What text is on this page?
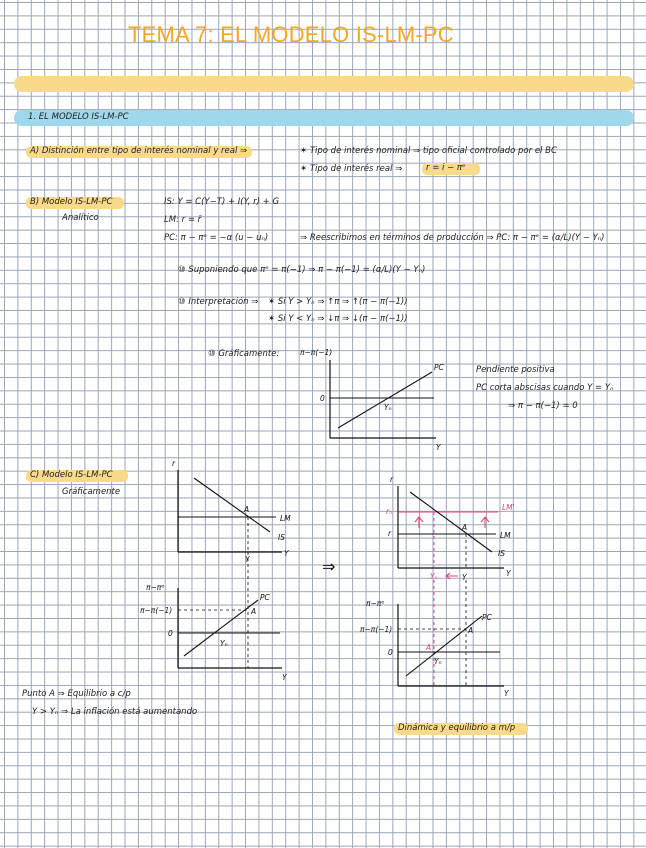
TEMA 7: EL MODELO IS-LM-PC
1. EL MODELO IS-LM-PC
A) Distinción entre tipo de interés nominal y real ⇒	✶ Tipo de interés nominal ⇒ tipo oficial controlado por el BC
✶ Tipo de interés real ⇒	r = i − πᵉ
B) Modelo IS-LM-PC
Analítico
IS: Y = C(Y−T) + I(Y, r) + G
LM: r = r̄
PC: π − πᵉ = −α (u − uₙ)	⇒ Reescribimos en términos de producción ⇒ PC: π − πᵉ = (α/L)(Y − Yₙ)
⑩ Suponiendo que πᵉ = π(−1) ⇒ π − π(−1) = (α/L)(Y − Yₙ)
⑩ Interpretación ⇒ ✶ Si Y > Yₙ ⇒ ↑π ⇒ ↑(π − π(−1))
✶ Si Y < Yₙ ⇒ ↓π ⇒ ↓(π − π(−1))
⑩ Gráficamente:
Pendiente positiva
PC corta abscisas cuando Y = Yₙ
⇒ π − π(−1) = 0
C) Modelo IS-LM-PC
Gráficamente
Punto A ⇒ Equilibrio a c/p
Y > Yₙ ⇒ La inflación está aumentando
Dinámica y equilibrio a m/p
π−π(−1)
0
PC
Yₙ
Y
r
LM
IS
A
Y
Y
π−πᵉ
π−π(−1)
0
PC
A
Yₙ
Y
⇒
r
rₙ
r
LM'
LM
IS
A
Y
Yₙ	Y
π−πᵉ
π−π(−1)
0
PC
A
A
Yₙ
Y
